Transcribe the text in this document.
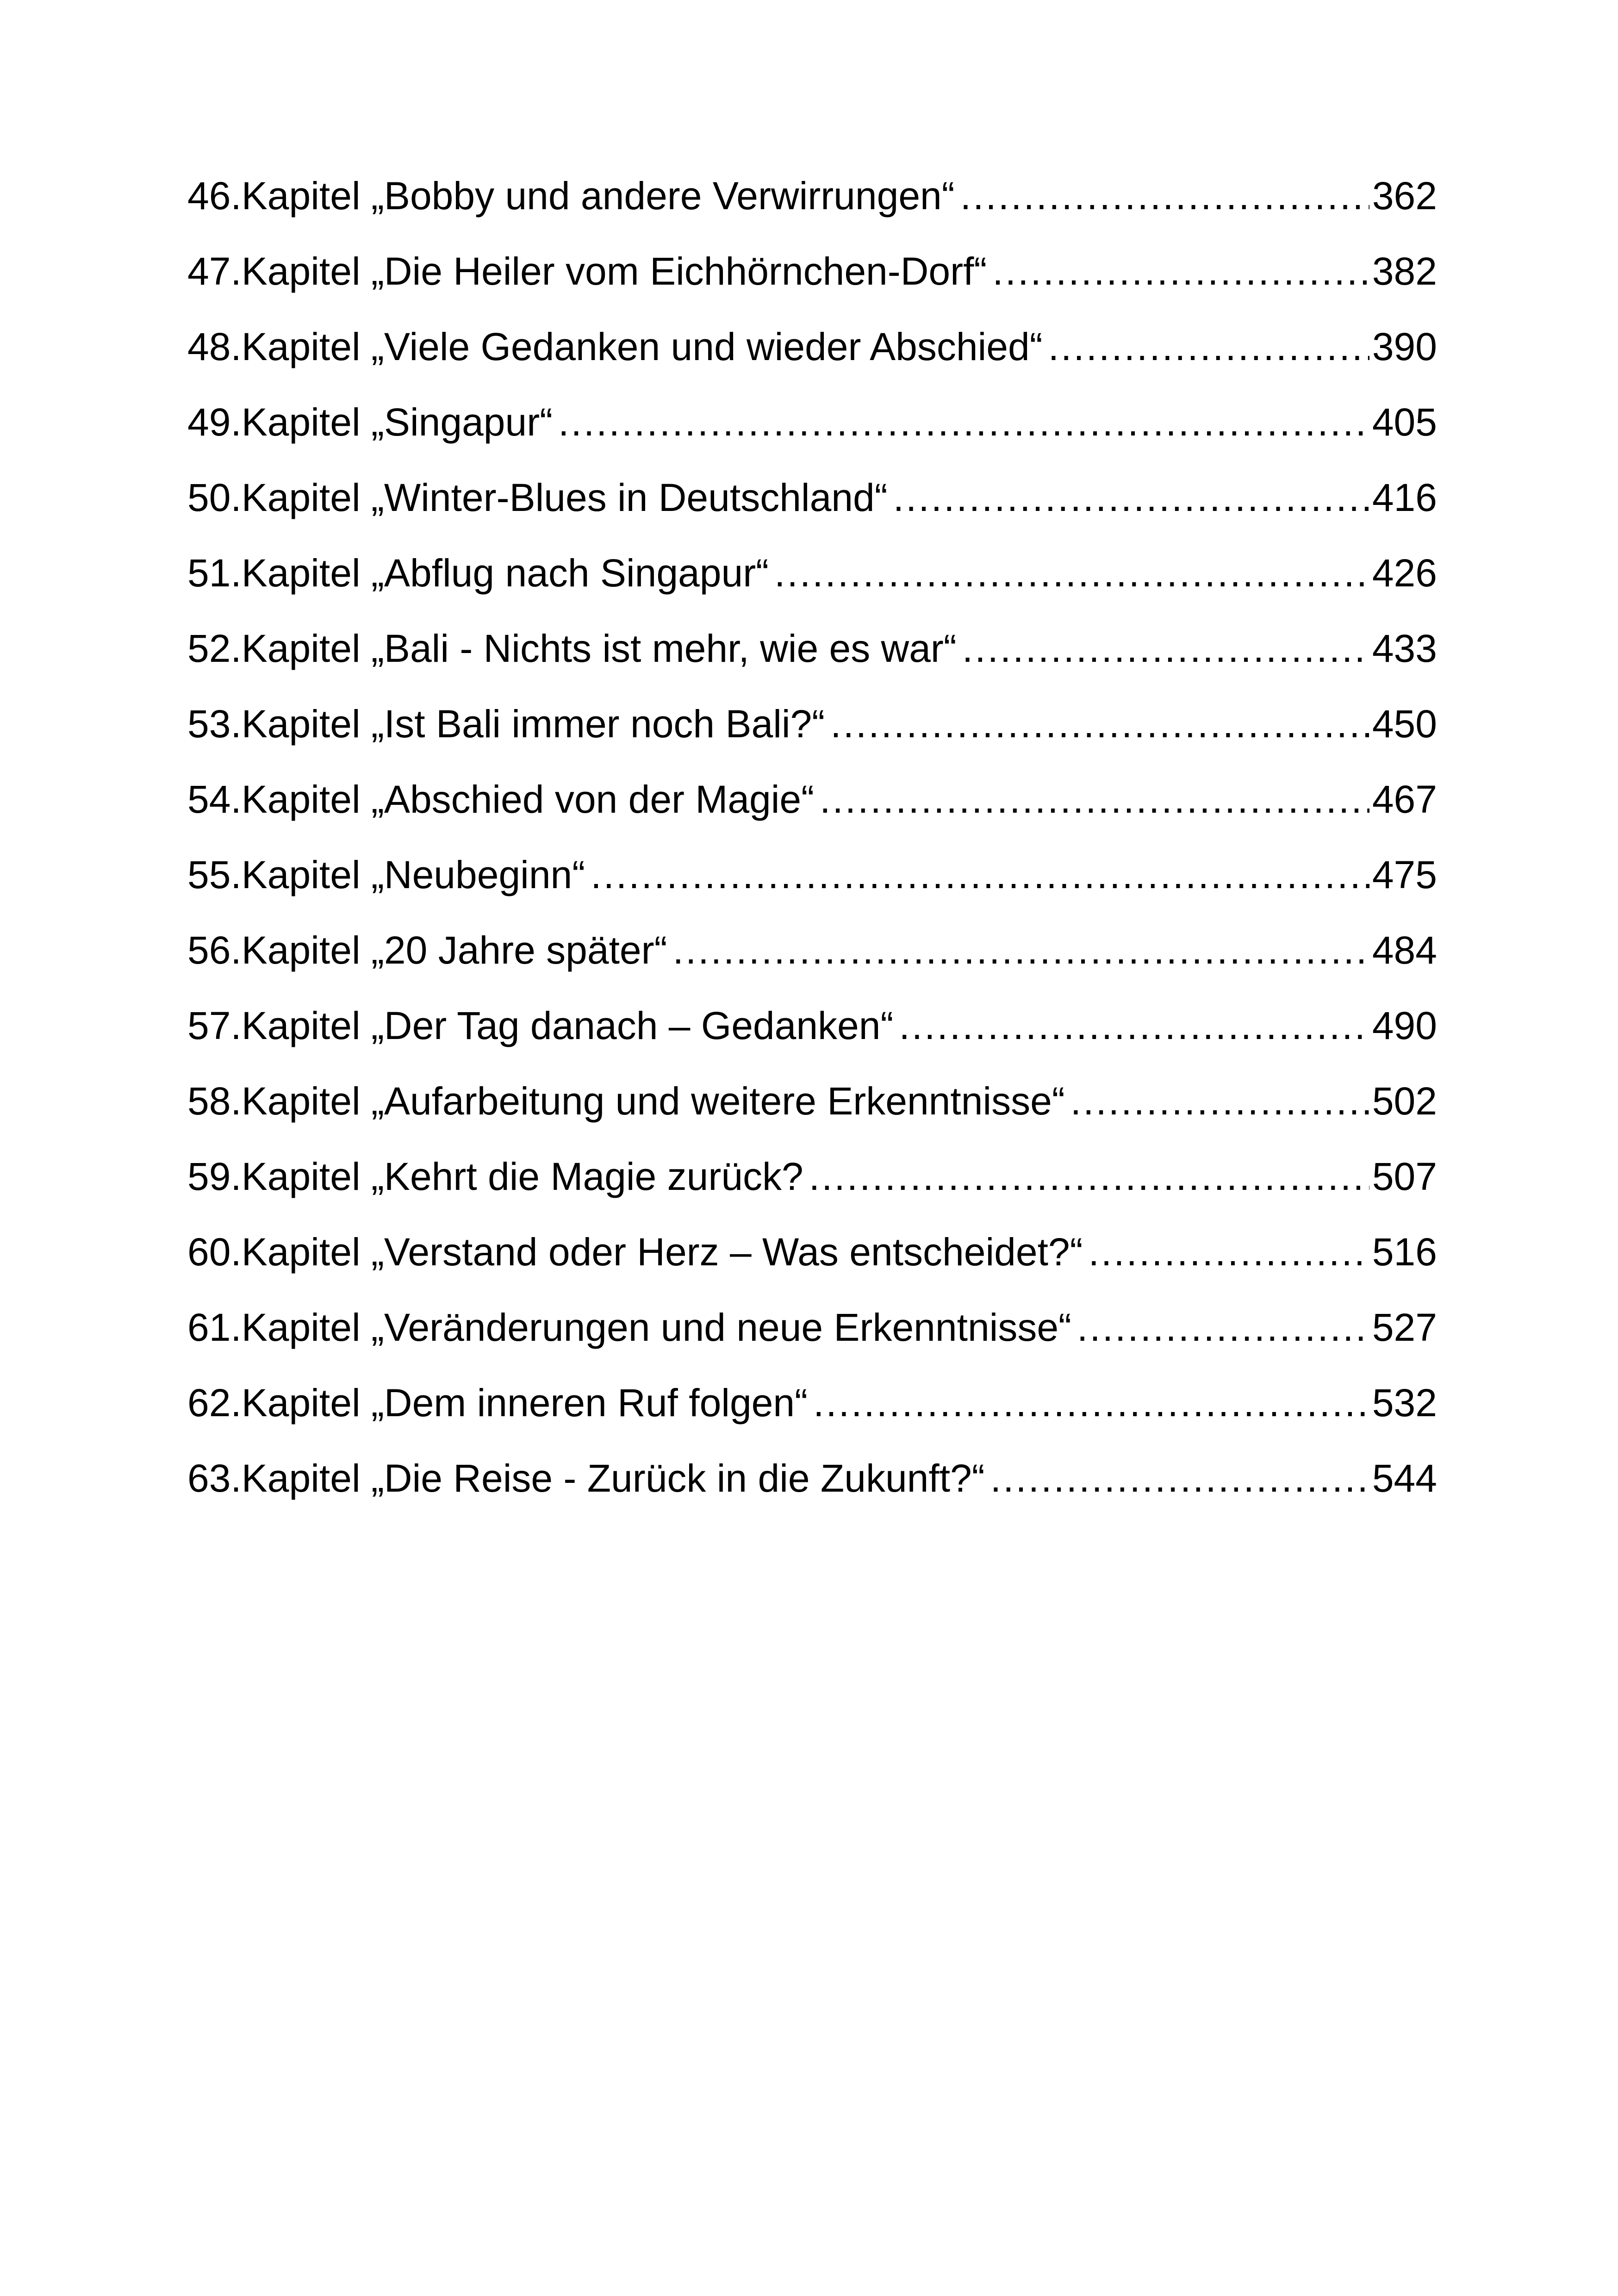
46. Kapitel „Bobby und andere Verwirrungen“ .....	362
47. Kapitel „Die Heiler vom Eichhörnchen-Dorf“ .....	382
48. Kapitel „Viele Gedanken und wieder Abschied“ .....	390
49. Kapitel „Singapur“ .....	405
50. Kapitel „Winter-Blues in Deutschland“ .....	416
51. Kapitel „Abflug nach Singapur“ .....	426
52. Kapitel „Bali - Nichts ist mehr, wie es war“ .....	433
53. Kapitel „Ist Bali immer noch Bali?“ .....	450
54. Kapitel „Abschied von der Magie“ .....	467
55. Kapitel „Neubeginn“ .....	475
56. Kapitel „20 Jahre später“ .....	484
57. Kapitel „Der Tag danach – Gedanken“ .....	490
58. Kapitel „Aufarbeitung und weitere Erkenntnisse“ .....	502
59. Kapitel „Kehrt die Magie zurück? .....	507
60. Kapitel „Verstand oder Herz – Was entscheidet?“ .....	516
61. Kapitel „Veränderungen und neue Erkenntnisse“ .....	527
62. Kapitel „Dem inneren Ruf folgen“ .....	532
63. Kapitel „Die Reise - Zurück in die Zukunft?“ .....	544
